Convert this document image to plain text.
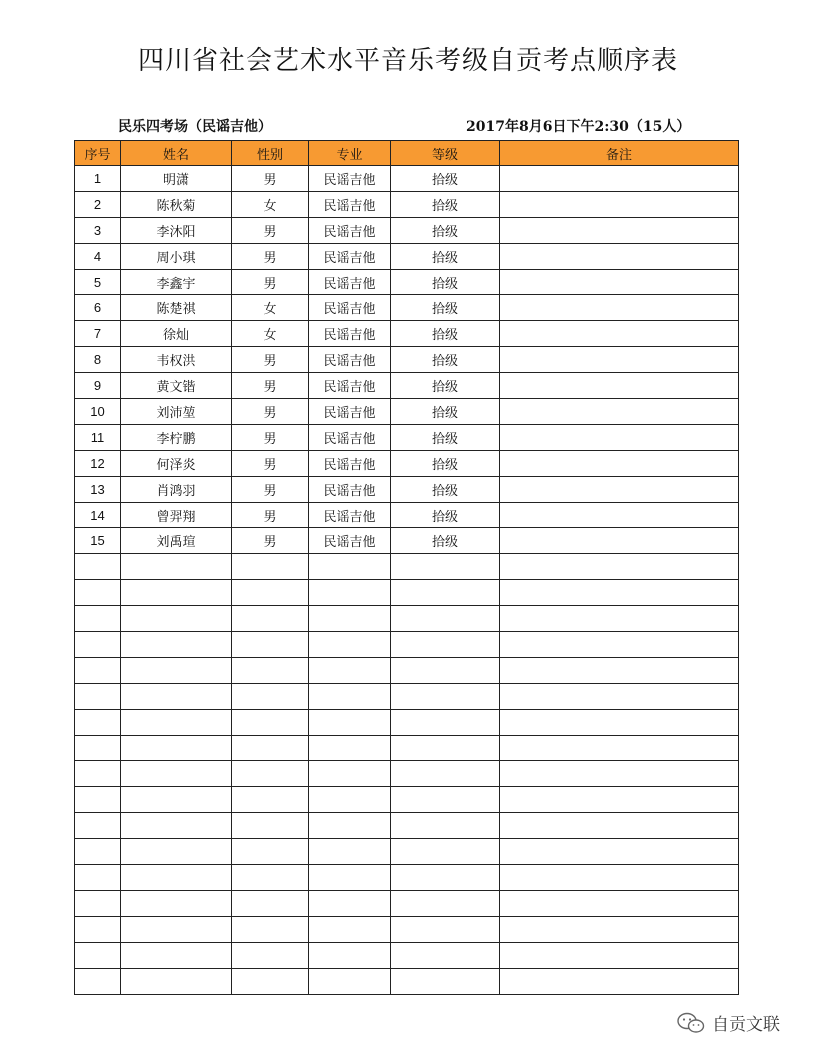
四川省社会艺术水平音乐考级自贡考点顺序表
民乐四考场（民谣吉他）	2017年8月6日下午2:30（15人）
序号	姓名	性别	专业	等级	备注
1	明潇	男	民谣吉他	拾级	
2	陈秋菊	女	民谣吉他	拾级	
3	李沐阳	男	民谣吉他	拾级	
4	周小琪	男	民谣吉他	拾级	
5	李鑫宇	男	民谣吉他	拾级	
6	陈楚祺	女	民谣吉他	拾级	
7	徐灿	女	民谣吉他	拾级	
8	韦权洪	男	民谣吉他	拾级	
9	黄文锴	男	民谣吉他	拾级	
10	刘沛堃	男	民谣吉他	拾级	
11	李柠鹏	男	民谣吉他	拾级	
12	何泽炎	男	民谣吉他	拾级	
13	肖鸿羽	男	民谣吉他	拾级	
14	曾羿翔	男	民谣吉他	拾级	
15	刘禹瑄	男	民谣吉他	拾级	

自贡文联
